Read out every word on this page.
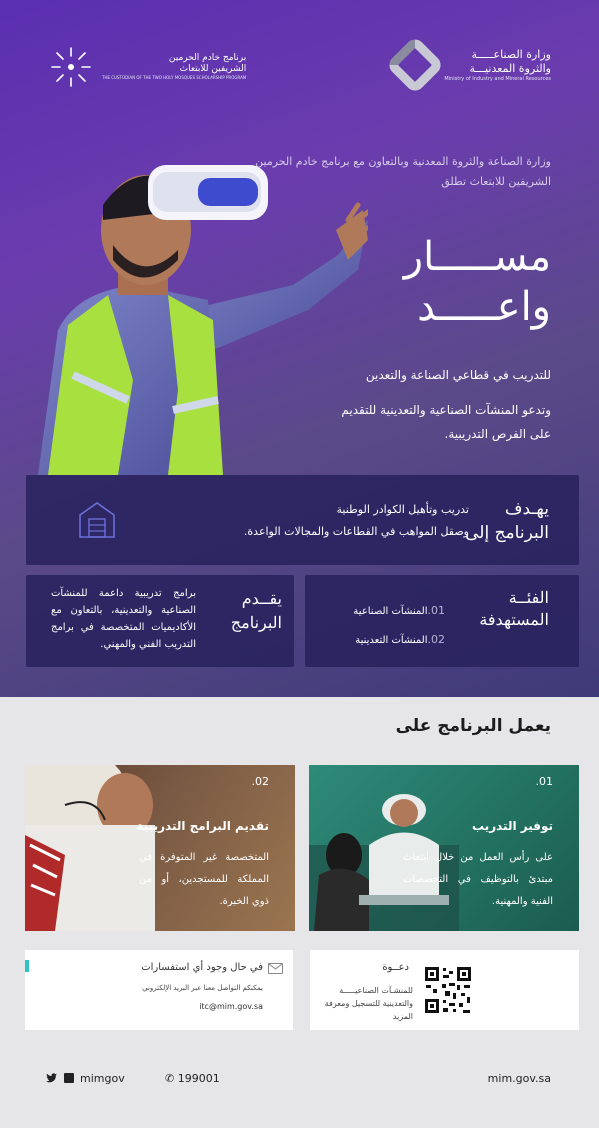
وزارة الصناعـــــة
والثروة المعدنيـــة
Ministry of Industry and Mineral Resources
برنامج خادم الحرمين
الشريفين للابتعاث
THE CUSTODIAN OF THE TWO HOLY MOSQUES SCHOLARSHIP PROGRAM

وزارة الصناعة والثروة المعدنية وبالتعاون مع برنامج خادم الحرمين الشريفين للابتعاث تطلق

مســـــار
واعـــــد

للتدريب في قطاعي الصناعة والتعدين

وتدعو المنشآت الصناعية والتعدينية للتقديم على الفرص التدريبية.

يهـدف
البرنامج إلى
تدريب وتأهيل الكوادر الوطنية
وصقل المواهب في القطاعات والمجالات الواعدة.
الفئــة
المستهدفة
01.المنشآت الصناعية
02.المنشآت التعدينية
يقــدم
البرنامج

برامج تدريبية داعمة للمنشآت الصناعية والتعدينية، بالتعاون مع الأكاديميات المتخصصة في برامج التدريب الفني والمهني.

يعمل البرنامج على
01.
توفير التدريب

على رأس العمل من خلال ابتعاث مبتدئ بالتوظيف في التخصصات الفنية والمهنية.

02.
تقديم البرامج التدريبية

المتخصصة غير المتوفرة في المملكة للمستجدين، أو من ذوي الخبرة.

دعــوة

للمنشـآت الصناعيـــــة والتعدينية للتسجيل ومعرفة المزيد

في حال وجود أي استفسارات
يمكنكم التواصل معنا عبر البريد الإلكتروني
itc@mim.gov.sa
mimgov	✆ 199001	mim.gov.sa
